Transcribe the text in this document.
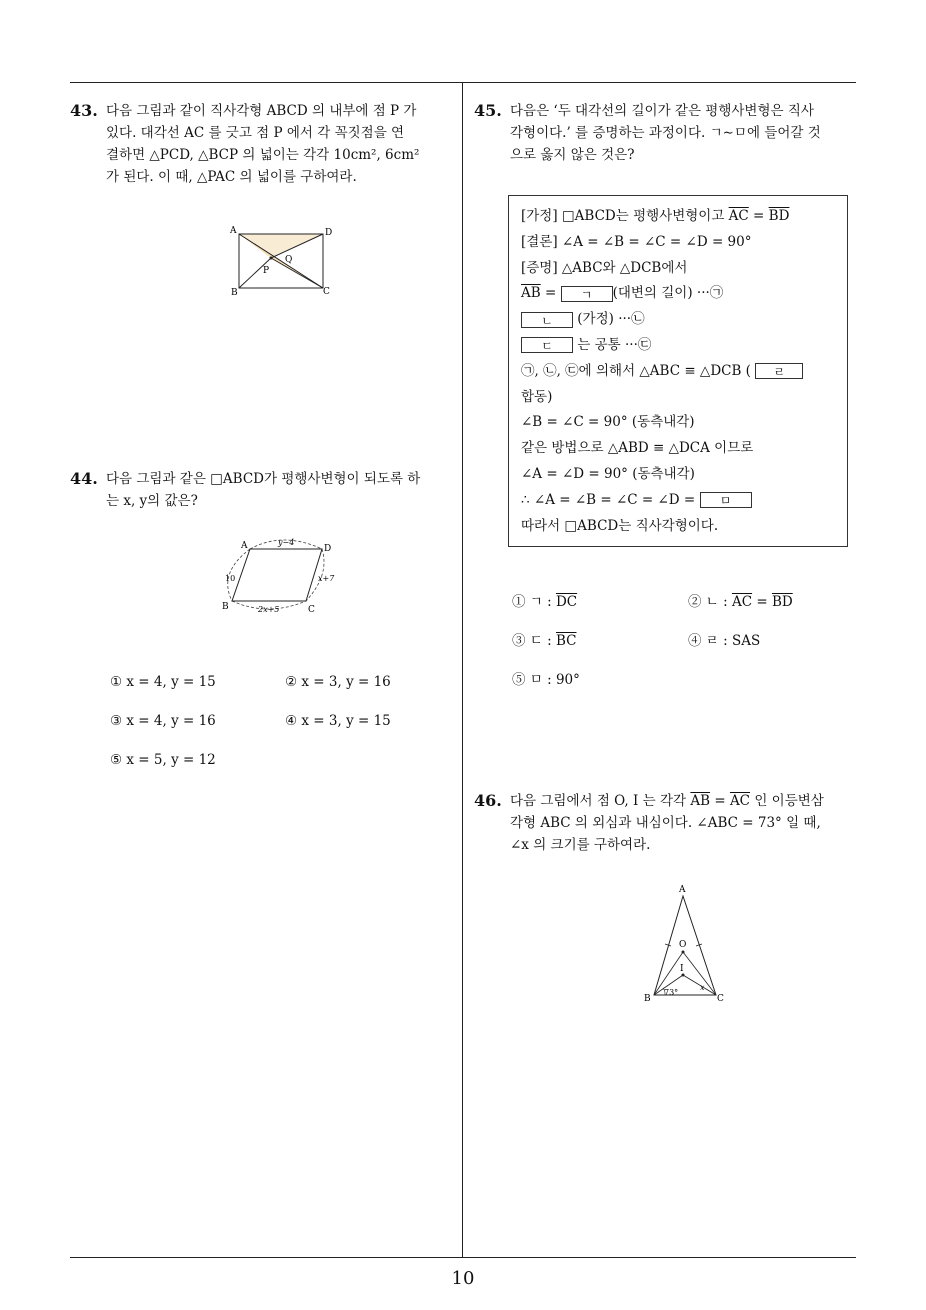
43. 다음 그림과 같이 직사각형 ABCD 의 내부에 점 P 가

있다. 대각선 AC 를 긋고 점 P 에서 각 꼭짓점을 연

결하면 △PCD, △BCP 의 넓이는 각각 10cm², 6cm²

가 된다. 이 때, △PAC 의 넓이를 구하여라.

A	D
B	C
P
Q
44. 다음 그림과 같은 □ABCD가 평행사변형이 되도록 하

는 x, y의 값은?

A	D
B	C
y−4
10	x+7
2x+5
① x = 4, y = 15	② x = 3, y = 16
③ x = 4, y = 16	④ x = 3, y = 15
⑤ x = 5, y = 12
45. 다음은 ‘두 대각선의 길이가 같은 평행사변형은 직사

각형이다.’ 를 증명하는 과정이다. ㄱ∼ㅁ에 들어갈 것

으로 옳지 않은 것은?

[가정] □ABCD는 평행사변형이고 $\overline{AC} = \overline{BD}$
[결론] ∠A = ∠B = ∠C = ∠D = 90°
[증명] △ABC와 △DCB에서
$\overline{AB}$ = ㄱ (대변의 길이) ···㉠
ㄴ (가정) ···㉡
ㄷ 는 공통 ···㉢
㉠, ㉡, ㉢에 의해서 △ABC ≡ △DCB ( ㄹ
합동)
∠B = ∠C = 90° (동측내각)
같은 방법으로 △ABD ≡ △DCA 이므로
∠A = ∠D = 90° (동측내각)
∴ ∠A = ∠B = ∠C = ∠D = ㅁ
따라서 □ABCD는 직사각형이다.
① ㄱ : $\overline{DC}$	② ㄴ : $\overline{AC} = \overline{BD}$
③ ㄷ : $\overline{BC}$	④ ㄹ : SAS
⑤ ㅁ : 90°
46. 다음 그림에서 점 O, I 는 각각 $\overline{AB} = \overline{AC}$ 인 이등변삼

각형 ABC 의 외심과 내심이다. ∠ABC = 73° 일 때,

∠x 의 크기를 구하여라.

A
B	C
O
I
73°
x
10
